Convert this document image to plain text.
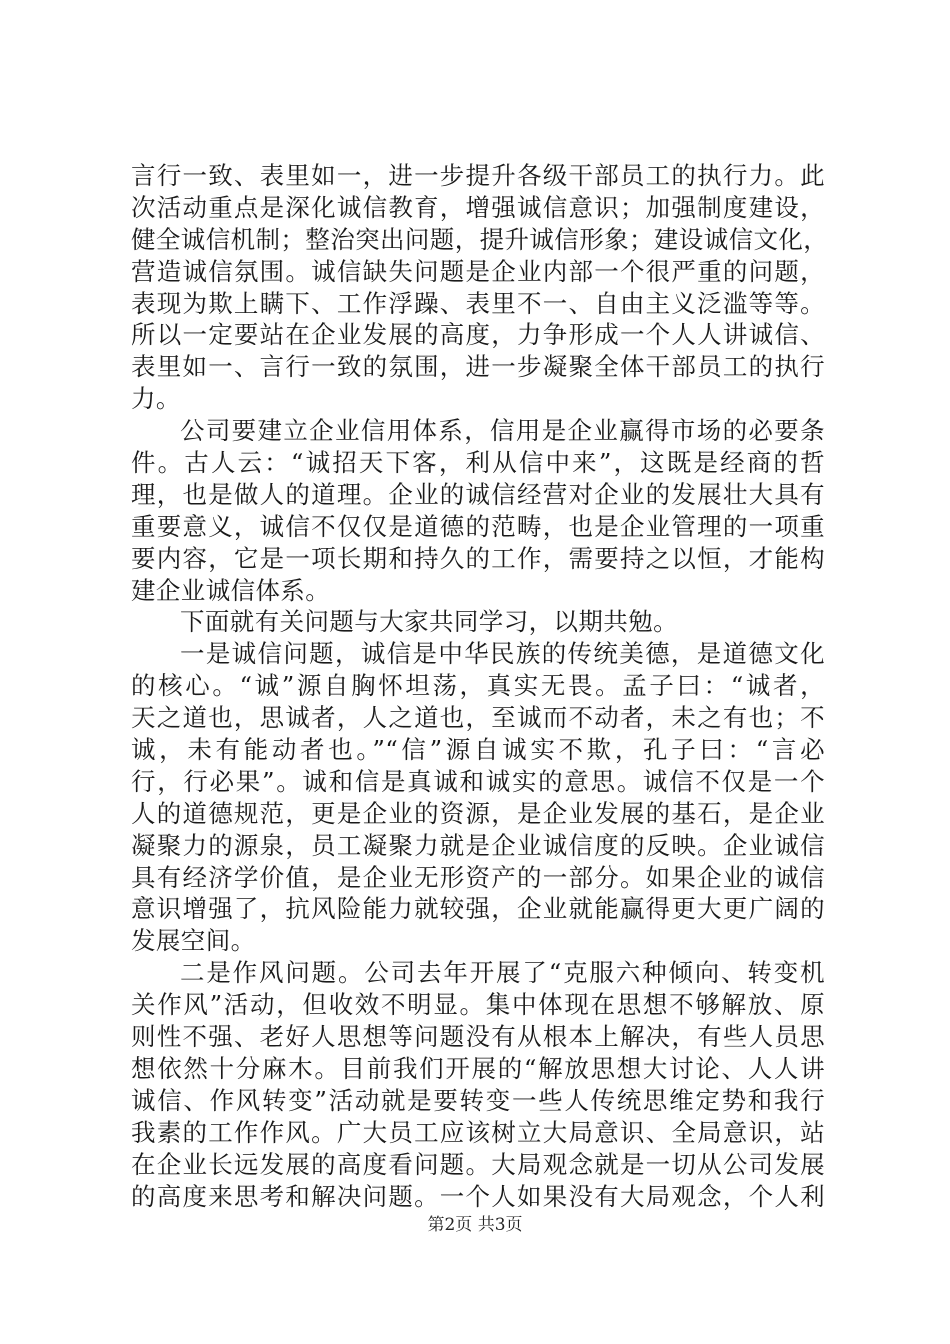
言行一致、表里如一，进一步提升各级干部员工的执行力。此
次活动重点是深化诚信教育，增强诚信意识；加强制度建设，
健全诚信机制；整治突出问题，提升诚信形象；建设诚信文化，
营造诚信氛围。诚信缺失问题是企业内部一个很严重的问题，
表现为欺上瞒下、工作浮躁、表里不一、自由主义泛滥等等。
所以一定要站在企业发展的高度，力争形成一个人人讲诚信、
表里如一、言行一致的氛围，进一步凝聚全体干部员工的执行
力。
公司要建立企业信用体系，信用是企业赢得市场的必要条
件。古人云：“诚招天下客，利从信中来”，这既是经商的哲
理，也是做人的道理。企业的诚信经营对企业的发展壮大具有
重要意义，诚信不仅仅是道德的范畴，也是企业管理的一项重
要内容，它是一项长期和持久的工作，需要持之以恒，才能构
建企业诚信体系。
下面就有关问题与大家共同学习，以期共勉。
一是诚信问题，诚信是中华民族的传统美德，是道德文化
的核心。“诚”源自胸怀坦荡，真实无畏。孟子曰：“诚者，
天之道也，思诚者，人之道也，至诚而不动者，未之有也；不
诚，未有能动者也。”“信”源自诚实不欺，孔子曰：“言必
行，行必果”。诚和信是真诚和诚实的意思。诚信不仅是一个
人的道德规范，更是企业的资源，是企业发展的基石，是企业
凝聚力的源泉，员工凝聚力就是企业诚信度的反映。企业诚信
具有经济学价值，是企业无形资产的一部分。如果企业的诚信
意识增强了，抗风险能力就较强，企业就能赢得更大更广阔的
发展空间。
二是作风问题。公司去年开展了“克服六种倾向、转变机
关作风”活动，但收效不明显。集中体现在思想不够解放、原
则性不强、老好人思想等问题没有从根本上解决，有些人员思
想依然十分麻木。目前我们开展的“解放思想大讨论、人人讲
诚信、作风转变”活动就是要转变一些人传统思维定势和我行
我素的工作作风。广大员工应该树立大局意识、全局意识，站
在企业长远发展的高度看问题。大局观念就是一切从公司发展
的高度来思考和解决问题。一个人如果没有大局观念，个人利
第2页 共3页
